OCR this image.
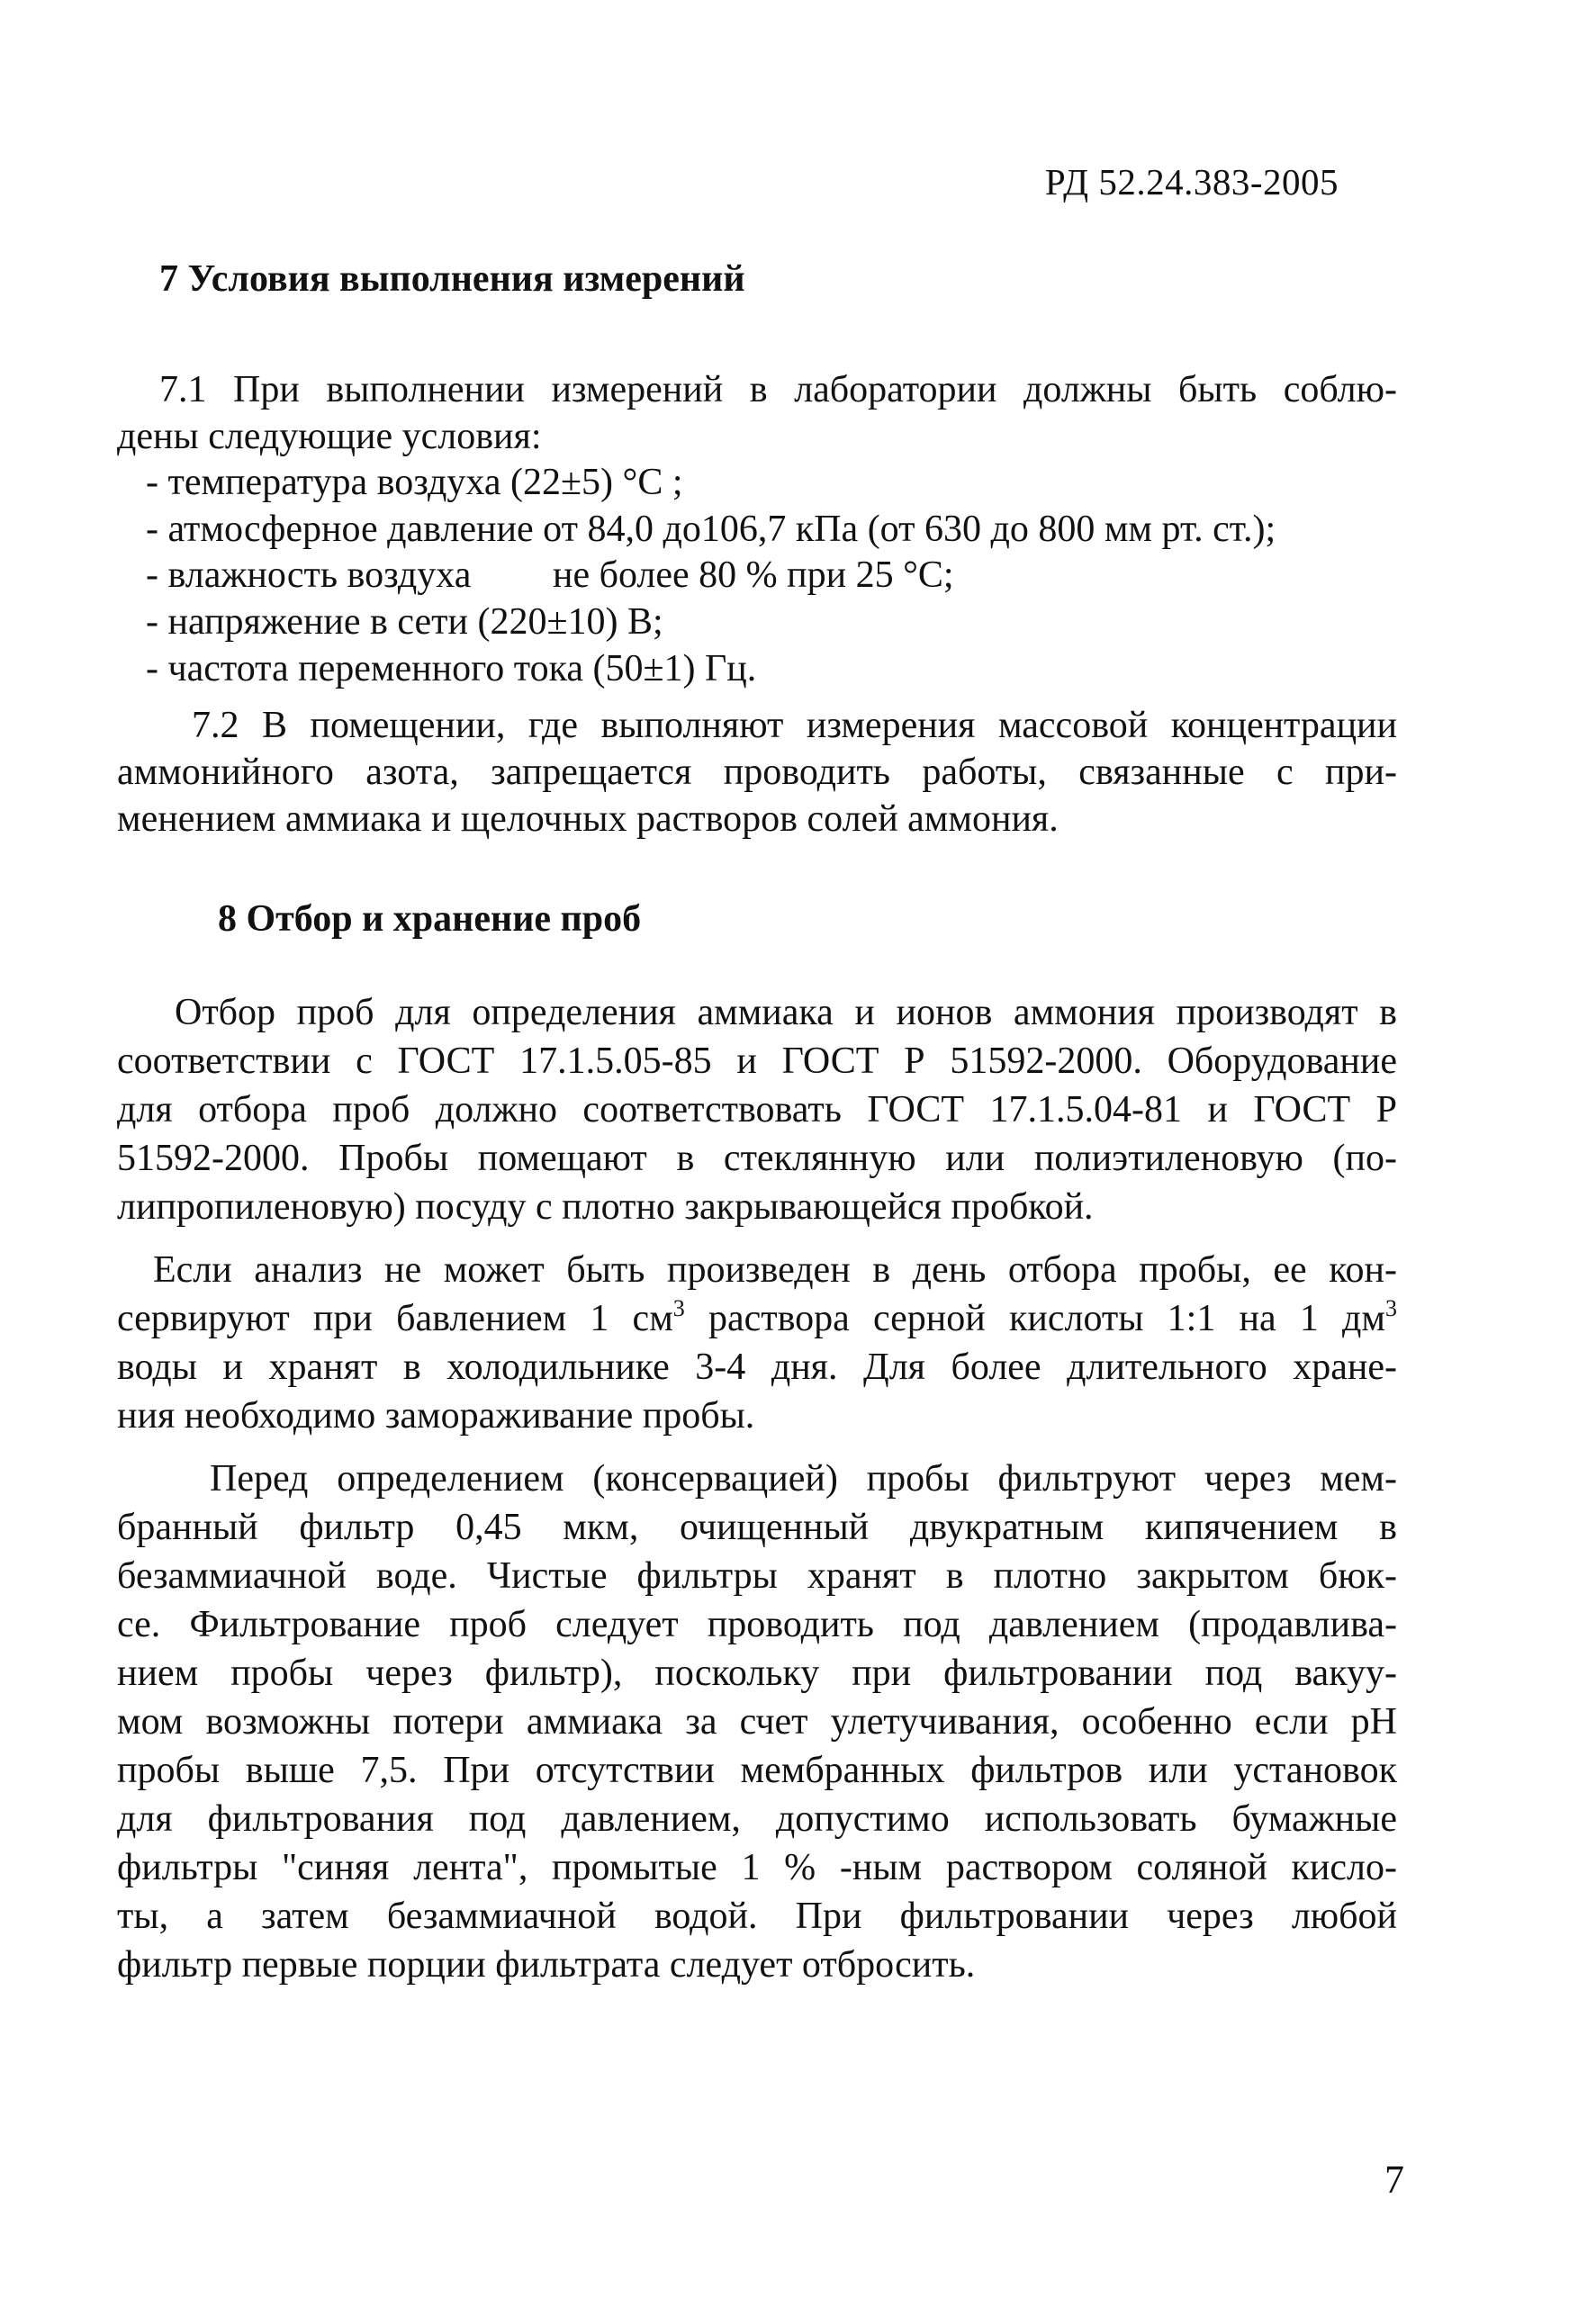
РД 52.24.383-2005
7 Условия выполнения измерений
7.1 При выполнении измерений в лаборатории должны быть соблю-
дены следующие условия:
- температура воздуха (22±5) °С ;
- атмосферное давление от 84,0 до106,7 кПа (от 630 до 800 мм рт. ст.);
- влажность воздуха	не более 80 % при 25 °С;
- напряжение в сети (220±10) В;
- частота переменного тока (50±1) Гц.
7.2 В помещении, где выполняют измерения массовой концентрации
аммонийного азота, запрещается проводить работы, связанные с при-
менением аммиака и щелочных растворов солей аммония.
8 Отбор и хранение проб
Отбор проб для определения аммиака и ионов аммония производят в
соответствии с ГОСТ 17.1.5.05-85 и ГОСТ Р 51592-2000. Оборудование
для отбора проб должно соответствовать ГОСТ 17.1.5.04-81 и ГОСТ Р
51592-2000. Пробы помещают в стеклянную или полиэтиленовую (по-
липропиленовую) посуду с плотно закрывающейся пробкой.
Если анализ не может быть произведен в день отбора пробы, ее кон-
сервируют при бавлением 1 $см^3$ раствора серной кислоты 1:1 на 1 $дм^3$
воды и хранят в холодильнике 3-4 дня. Для более длительного хране-
ния необходимо замораживание пробы.
Перед определением (консервацией) пробы фильтруют через мем-
бранный фильтр 0,45 мкм, очищенный двукратным кипячением в
безаммиачной воде. Чистые фильтры хранят в плотно закрытом бюк-
се. Фильтрование проб следует проводить под давлением (продавлива-
нием пробы через фильтр), поскольку при фильтровании под вакуу-
мом возможны потери аммиака за счет улетучивания, особенно если рН
пробы выше 7,5. При отсутствии мембранных фильтров или установок
для фильтрования под давлением, допустимо использовать бумажные
фильтры "синяя лента", промытые 1 % -ным раствором соляной кисло-
ты, а затем безаммиачной водой. При фильтровании через любой
фильтр первые порции фильтрата следует отбросить.
7
